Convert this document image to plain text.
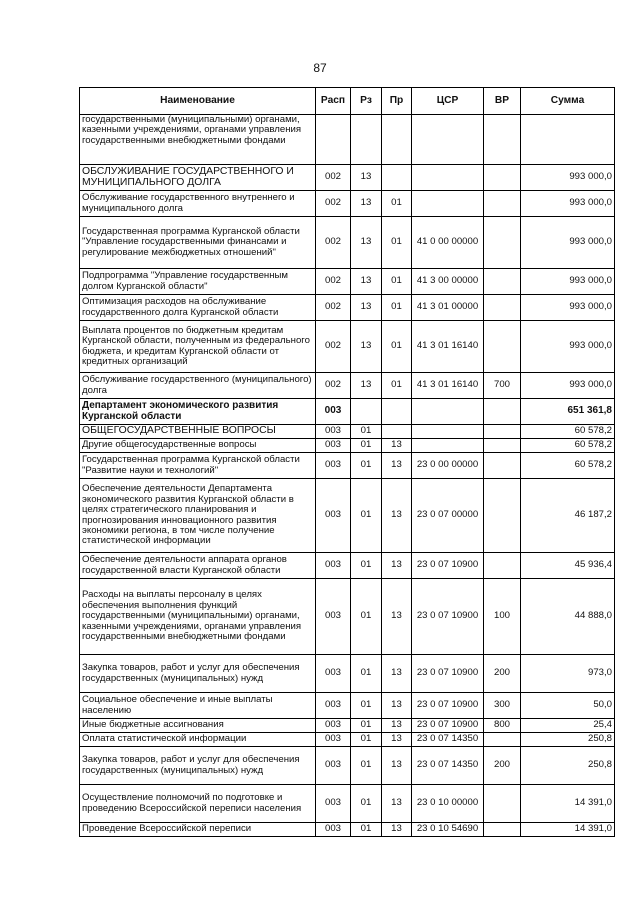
87
Наименование	Расп	Рз	Пр	ЦСР	ВР	Сумма
государственными (муниципальными) органами, казенными учреждениями, органами управления государственными внебюджетными фондами						
ОБСЛУЖИВАНИЕ ГОСУДАРСТВЕННОГО И МУНИЦИПАЛЬНОГО ДОЛГА	002	13				993 000,0
Обслуживание государственного внутреннего и муниципального долга	002	13	01			993 000,0
Государственная программа Курганской области "Управление государственными финансами и регулирование межбюджетных отношений"	002	13	01	41 0 00 00000		993 000,0
Подпрограмма "Управление государственным долгом Курганской области"	002	13	01	41 3 00 00000		993 000,0
Оптимизация расходов на обслуживание государственного долга Курганской области	002	13	01	41 3 01 00000		993 000,0
Выплата процентов по бюджетным кредитам Курганской области, полученным из федерального бюджета, и кредитам Курганской области от кредитных организаций	002	13	01	41 3 01 16140		993 000,0
Обслуживание государственного (муниципального) долга	002	13	01	41 3 01 16140	700	993 000,0
Департамент экономического развития Курганской области	003					651 361,8
ОБЩЕГОСУДАРСТВЕННЫЕ ВОПРОСЫ	003	01				60 578,2
Другие общегосударственные вопросы	003	01	13			60 578,2
Государственная программа Курганской области "Развитие науки и технологий"	003	01	13	23 0 00 00000		60 578,2
Обеспечение деятельности Департамента экономического развития Курганской области в целях стратегического планирования и прогнозирования инновационного развития экономики региона, в том числе получение статистической информации	003	01	13	23 0 07 00000		46 187,2
Обеспечение деятельности аппарата органов государственной власти Курганской области	003	01	13	23 0 07 10900		45 936,4
Расходы на выплаты персоналу в целях обеспечения выполнения функций государственными (муниципальными) органами, казенными учреждениями, органами управления государственными внебюджетными фондами	003	01	13	23 0 07 10900	100	44 888,0
Закупка товаров, работ и услуг для обеспечения государственных (муниципальных) нужд	003	01	13	23 0 07 10900	200	973,0
Социальное обеспечение и иные выплаты населению	003	01	13	23 0 07 10900	300	50,0
Иные бюджетные ассигнования	003	01	13	23 0 07 10900	800	25,4
Оплата статистической информации	003	01	13	23 0 07 14350		250,8
Закупка товаров, работ и услуг для обеспечения государственных (муниципальных) нужд	003	01	13	23 0 07 14350	200	250,8
Осуществление полномочий по подготовке и проведению Всероссийской переписи населения	003	01	13	23 0 10 00000		14 391,0
Проведение Всероссийской переписи	003	01	13	23 0 10 54690		14 391,0
